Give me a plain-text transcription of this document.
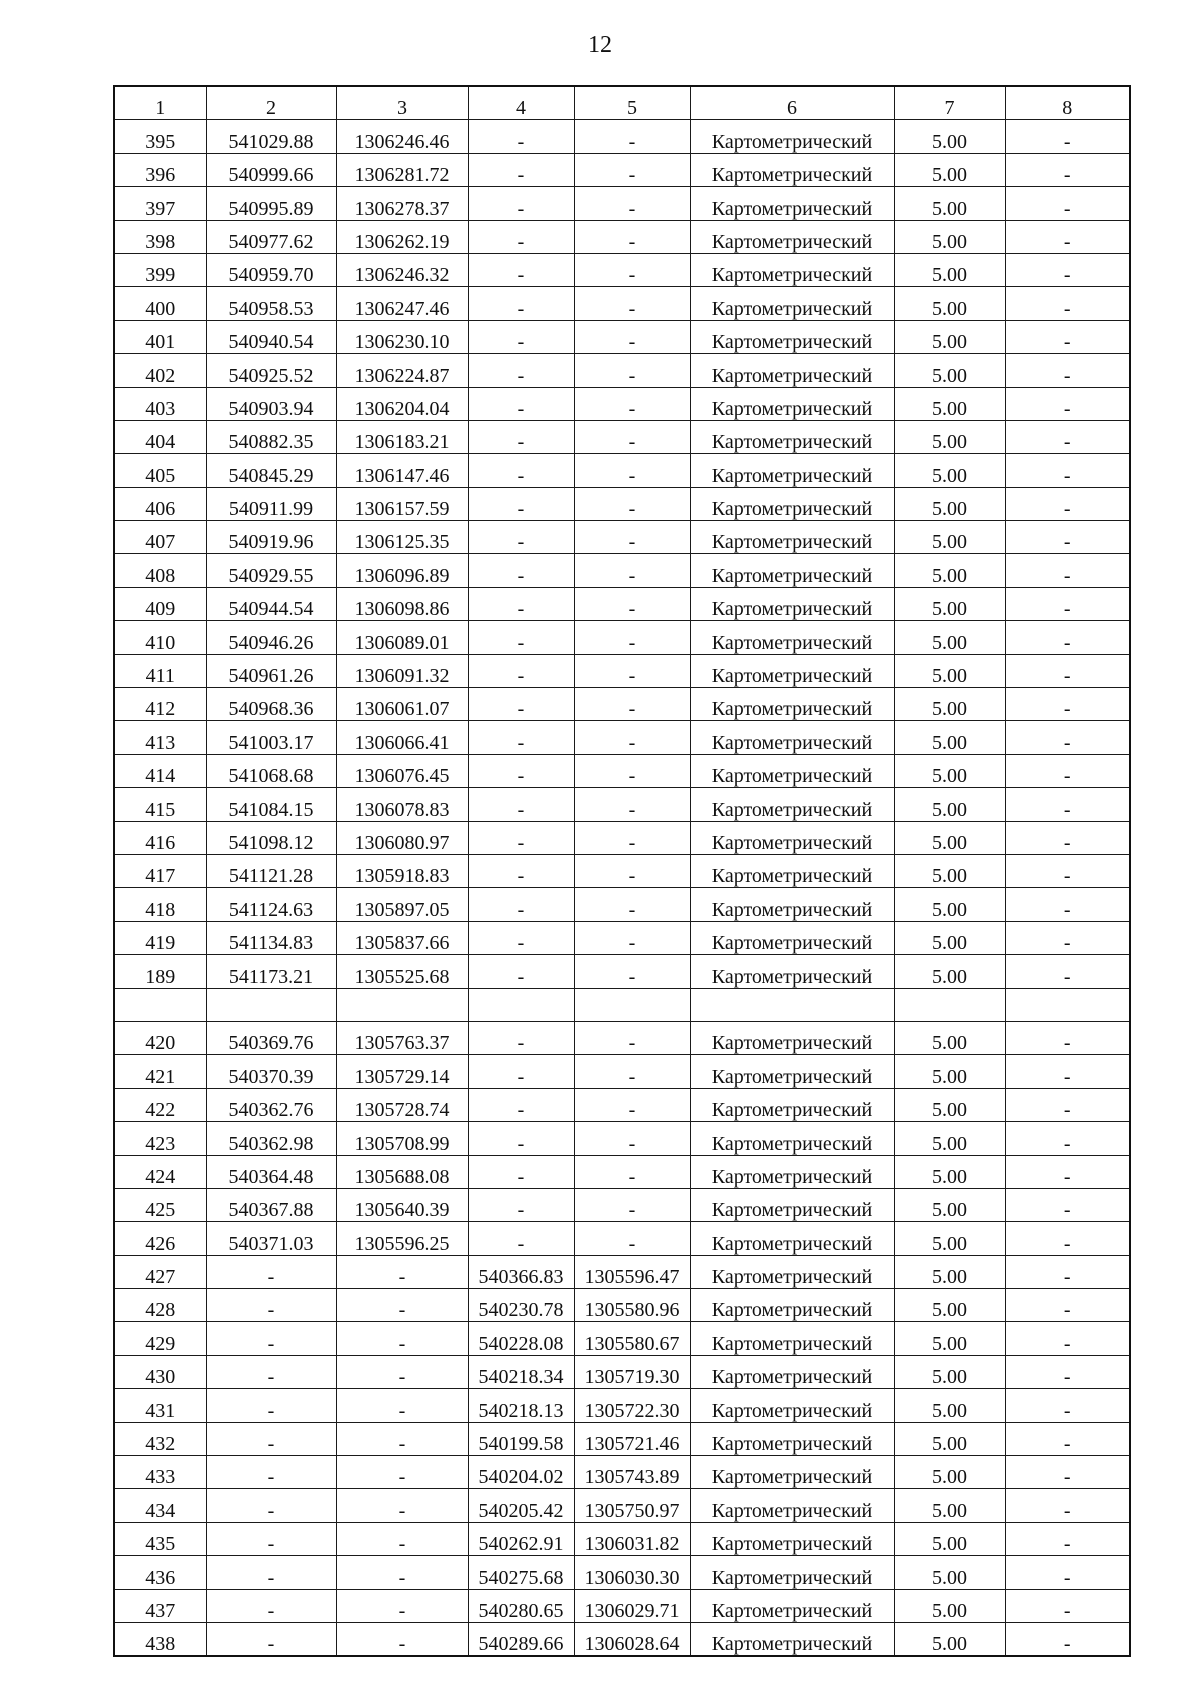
12
1	2	3	4	5	6	7	8
395	541029.88	1306246.46	-	-	Картометрический	5.00	-
396	540999.66	1306281.72	-	-	Картометрический	5.00	-
397	540995.89	1306278.37	-	-	Картометрический	5.00	-
398	540977.62	1306262.19	-	-	Картометрический	5.00	-
399	540959.70	1306246.32	-	-	Картометрический	5.00	-
400	540958.53	1306247.46	-	-	Картометрический	5.00	-
401	540940.54	1306230.10	-	-	Картометрический	5.00	-
402	540925.52	1306224.87	-	-	Картометрический	5.00	-
403	540903.94	1306204.04	-	-	Картометрический	5.00	-
404	540882.35	1306183.21	-	-	Картометрический	5.00	-
405	540845.29	1306147.46	-	-	Картометрический	5.00	-
406	540911.99	1306157.59	-	-	Картометрический	5.00	-
407	540919.96	1306125.35	-	-	Картометрический	5.00	-
408	540929.55	1306096.89	-	-	Картометрический	5.00	-
409	540944.54	1306098.86	-	-	Картометрический	5.00	-
410	540946.26	1306089.01	-	-	Картометрический	5.00	-
411	540961.26	1306091.32	-	-	Картометрический	5.00	-
412	540968.36	1306061.07	-	-	Картометрический	5.00	-
413	541003.17	1306066.41	-	-	Картометрический	5.00	-
414	541068.68	1306076.45	-	-	Картометрический	5.00	-
415	541084.15	1306078.83	-	-	Картометрический	5.00	-
416	541098.12	1306080.97	-	-	Картометрический	5.00	-
417	541121.28	1305918.83	-	-	Картометрический	5.00	-
418	541124.63	1305897.05	-	-	Картометрический	5.00	-
419	541134.83	1305837.66	-	-	Картометрический	5.00	-
189	541173.21	1305525.68	-	-	Картометрический	5.00	-

420	540369.76	1305763.37	-	-	Картометрический	5.00	-
421	540370.39	1305729.14	-	-	Картометрический	5.00	-
422	540362.76	1305728.74	-	-	Картометрический	5.00	-
423	540362.98	1305708.99	-	-	Картометрический	5.00	-
424	540364.48	1305688.08	-	-	Картометрический	5.00	-
425	540367.88	1305640.39	-	-	Картометрический	5.00	-
426	540371.03	1305596.25	-	-	Картометрический	5.00	-
427	-	-	540366.83	1305596.47	Картометрический	5.00	-
428	-	-	540230.78	1305580.96	Картометрический	5.00	-
429	-	-	540228.08	1305580.67	Картометрический	5.00	-
430	-	-	540218.34	1305719.30	Картометрический	5.00	-
431	-	-	540218.13	1305722.30	Картометрический	5.00	-
432	-	-	540199.58	1305721.46	Картометрический	5.00	-
433	-	-	540204.02	1305743.89	Картометрический	5.00	-
434	-	-	540205.42	1305750.97	Картометрический	5.00	-
435	-	-	540262.91	1306031.82	Картометрический	5.00	-
436	-	-	540275.68	1306030.30	Картометрический	5.00	-
437	-	-	540280.65	1306029.71	Картометрический	5.00	-
438	-	-	540289.66	1306028.64	Картометрический	5.00	-
